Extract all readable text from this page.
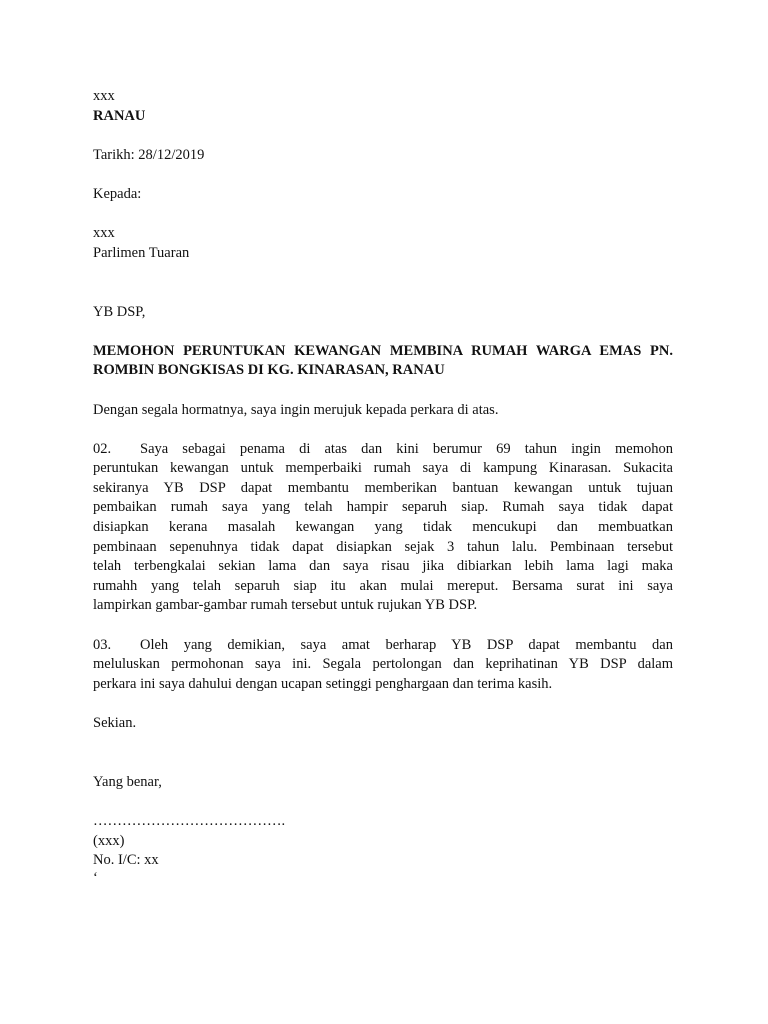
xxx
RANAU
Tarikh: 28/12/2019
Kepada:
xxx
Parlimen Tuaran
YB DSP,
MEMOHON PERUNTUKAN KEWANGAN MEMBINA RUMAH WARGA EMAS PN.
ROMBIN BONGKISAS DI KG. KINARASAN, RANAU
Dengan segala hormatnya, saya ingin merujuk kepada perkara di atas.
02. Saya sebagai penama di atas dan kini berumur 69 tahun ingin memohon
peruntukan kewangan untuk memperbaiki rumah saya di kampung Kinarasan. Sukacita
sekiranya YB DSP dapat membantu memberikan bantuan kewangan untuk tujuan
pembaikan rumah saya yang telah hampir separuh siap. Rumah saya tidak dapat
disiapkan kerana masalah kewangan yang tidak mencukupi dan membuatkan
pembinaan sepenuhnya tidak dapat disiapkan sejak 3 tahun lalu. Pembinaan tersebut
telah terbengkalai sekian lama dan saya risau jika dibiarkan lebih lama lagi maka
rumahh yang telah separuh siap itu akan mulai mereput. Bersama surat ini saya
lampirkan gambar-gambar rumah tersebut untuk rujukan YB DSP.
03. Oleh yang demikian, saya amat berharap YB DSP dapat membantu dan
meluluskan permohonan saya ini. Segala pertolongan dan keprihatinan YB DSP dalam
perkara ini saya dahului dengan ucapan setinggi penghargaan dan terima kasih.
Sekian.
Yang benar,
………………………………….
(xxx)
No. I/C: xx
‘
